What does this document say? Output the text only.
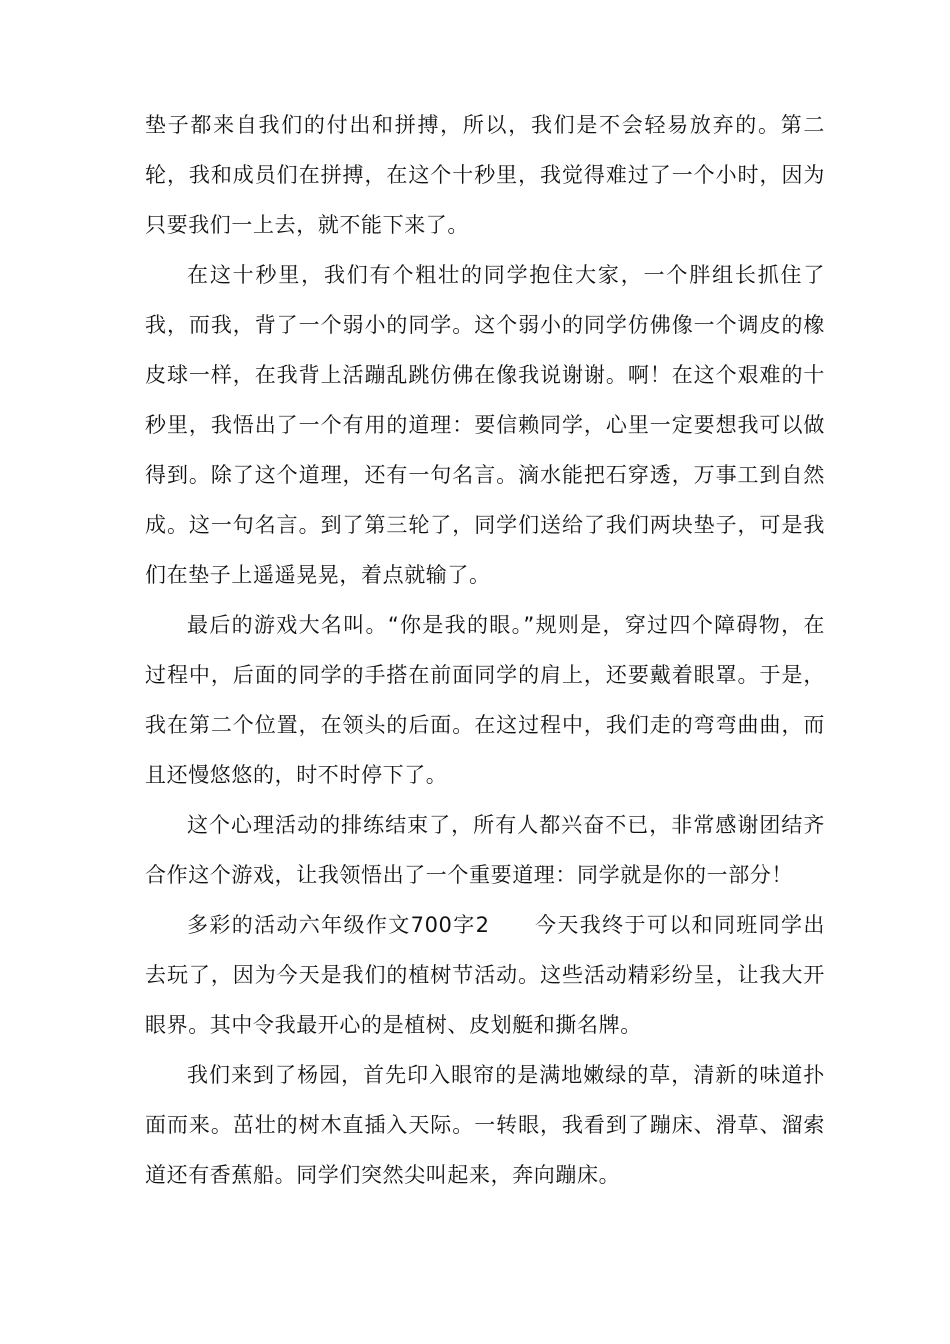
垫子都来自我们的付出和拼搏，所以，我们是不会轻易放弃的。第二轮，我和成员们在拼搏，在这个十秒里，我觉得难过了一个小时，因为只要我们一上去，就不能下来了。

在这十秒里，我们有个粗壮的同学抱住大家，一个胖组长抓住了我，而我，背了一个弱小的同学。这个弱小的同学仿佛像一个调皮的橡皮球一样，在我背上活蹦乱跳仿佛在像我说谢谢。啊！在这个艰难的十秒里，我悟出了一个有用的道理：要信赖同学，心里一定要想我可以做得到。除了这个道理，还有一句名言。滴水能把石穿透，万事工到自然成。这一句名言。到了第三轮了，同学们送给了我们两块垫子，可是我们在垫子上遥遥晃晃，着点就输了。

最后的游戏大名叫。“你是我的眼。”规则是，穿过四个障碍物，在过程中，后面的同学的手搭在前面同学的肩上，还要戴着眼罩。于是，我在第二个位置，在领头的后面。在这过程中，我们走的弯弯曲曲，而且还慢悠悠的，时不时停下了。

这个心理活动的排练结束了，所有人都兴奋不已，非常感谢团结齐合作这个游戏，让我领悟出了一个重要道理：同学就是你的一部分！

多彩的活动六年级作文700字2　　今天我终于可以和同班同学出去玩了，因为今天是我们的植树节活动。这些活动精彩纷呈，让我大开眼界。其中令我最开心的是植树、皮划艇和撕名牌。

我们来到了杨园，首先印入眼帘的是满地嫩绿的草，清新的味道扑面而来。茁壮的树木直插入天际。一转眼，我看到了蹦床、滑草、溜索道还有香蕉船。同学们突然尖叫起来，奔向蹦床。
